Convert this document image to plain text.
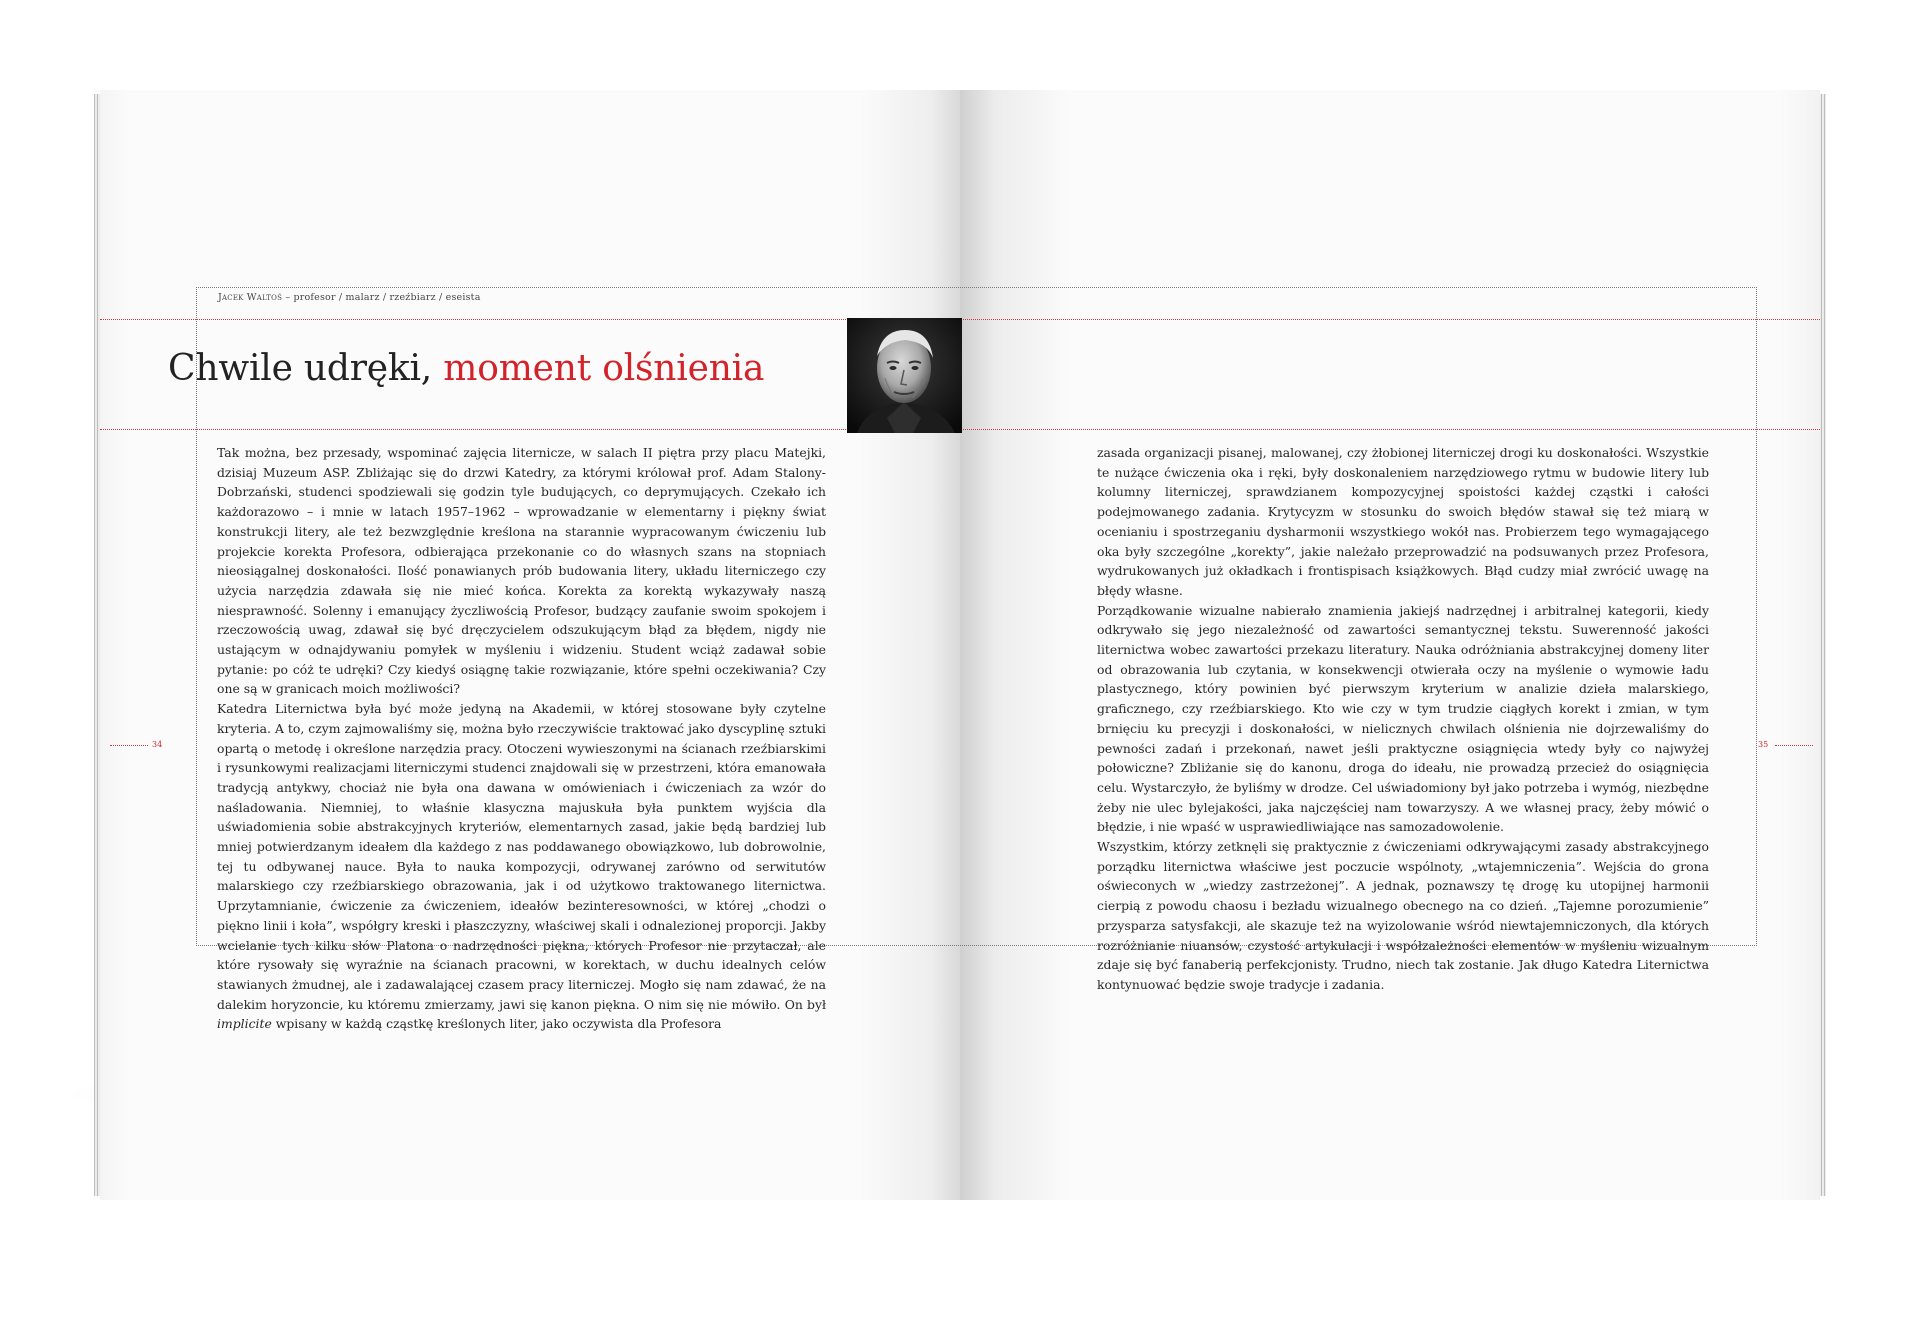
34	35
Jacek Waltoś – profesor / malarz / rzeźbiarz / eseista
Chwile udręki, moment olśnienia

Tak można, bez przesady, wspominać zajęcia liternicze, w salach II piętra przy placu Matejki, dzisiaj Muzeum ASP. Zbliżając się do drzwi Katedry, za którymi królował prof. Adam Stalony-Dobrzański, studenci spodziewali się godzin tyle budujących, co deprymujących. Czekało ich każdorazowo – i mnie w latach 1957–1962 – wprowadzanie w elementarny i piękny świat konstrukcji litery, ale też bezwzględnie kreślona na starannie wypracowanym ćwiczeniu lub projekcie korekta Profesora, odbierająca przekonanie co do własnych szans na stopniach nieosiągalnej doskonałości. Ilość ponawianych prób budowania litery, układu literniczego czy użycia narzędzia zdawała się nie mieć końca. Korekta za korektą wykazywały naszą niesprawność. Solenny i emanujący życzliwością Profesor, budzący zaufanie swoim spokojem i rzeczowością uwag, zdawał się być dręczycielem odszukującym błąd za błędem, nigdy nie ustającym w odnajdywaniu pomyłek w myśleniu i widzeniu. Student wciąż zadawał sobie pytanie: po cóż te udręki? Czy kiedyś osiągnę takie rozwiązanie, które spełni oczekiwania? Czy one są w granicach moich możliwości?

Katedra Liternictwa była być może jedyną na Akademii, w której stosowane były czytelne kryteria. A to, czym zajmowaliśmy się, można było rzeczywiście traktować jako dyscyplinę sztuki opartą o metodę i określone narzędzia pracy. Otoczeni wywieszonymi na ścianach rzeźbiarskimi i rysunkowymi realizacjami literniczymi studenci znajdowali się w przestrzeni, która emanowała tradycją antykwy, chociaż nie była ona dawana w omówieniach i ćwiczeniach za wzór do naśladowania. Niemniej, to właśnie klasyczna majuskuła była punktem wyjścia dla uświadomienia sobie abstrakcyjnych kryteriów, elementarnych zasad, jakie będą bardziej lub mniej potwierdzanym ideałem dla każdego z nas poddawanego obowiązkowo, lub dobrowolnie, tej tu odbywanej nauce. Była to nauka kompozycji, odrywanej zarówno od serwitutów malarskiego czy rzeźbiarskiego obrazowania, jak i od użytkowo traktowanego liternictwa. Uprzytamnianie, ćwiczenie za ćwiczeniem, ideałów bezinteresowności, w której „chodzi o piękno linii i koła”, współgry kreski i płaszczyzny, właściwej skali i odnalezionej proporcji. Jakby wcielanie tych kilku słów Platona o nadrzędności piękna, których Profesor nie przytaczał, ale które rysowały się wyraźnie na ścianach pracowni, w korektach, w duchu idealnych celów stawianych żmudnej, ale i zadawalającej czasem pracy literniczej. Mogło się nam zdawać, że na dalekim horyzoncie, ku któremu zmierzamy, jawi się kanon piękna. O nim się nie mówiło. On był implicite wpisany w każdą cząstkę kreślonych liter, jako oczywista dla Profesora

zasada organizacji pisanej, malowanej, czy żłobionej literniczej drogi ku doskonałości. Wszystkie te nużące ćwiczenia oka i ręki, były doskonaleniem narzędziowego rytmu w budowie litery lub kolumny literniczej, sprawdzianem kompozycyjnej spoistości każdej cząstki i całości podejmowanego zadania. Krytycyzm w stosunku do swoich błędów stawał się też miarą w ocenianiu i spostrzeganiu dysharmonii wszystkiego wokół nas. Probierzem tego wymagającego oka były szczególne „korekty”, jakie należało przeprowadzić na podsuwanych przez Profesora, wydrukowanych już okładkach i frontispisach książkowych. Błąd cudzy miał zwrócić uwagę na błędy własne.

Porządkowanie wizualne nabierało znamienia jakiejś nadrzędnej i arbitralnej kategorii, kiedy odkrywało się jego niezależność od zawartości semantycznej tekstu. Suwerenność jakości liternictwa wobec zawartości przekazu literatury. Nauka odróżniania abstrakcyjnej domeny liter od obrazowania lub czytania, w konsekwencji otwierała oczy na myślenie o wymowie ładu plastycznego, który powinien być pierwszym kryterium w analizie dzieła malarskiego, graficznego, czy rzeźbiarskiego. Kto wie czy w tym trudzie ciągłych korekt i zmian, w tym brnięciu ku precyzji i doskonałości, w nielicznych chwilach olśnienia nie dojrzewaliśmy do pewności zadań i przekonań, nawet jeśli praktyczne osiągnięcia wtedy były co najwyżej połowiczne? Zbliżanie się do kanonu, droga do ideału, nie prowadzą przecież do osiągnięcia celu. Wystarczyło, że byliśmy w drodze. Cel uświadomiony był jako potrzeba i wymóg, niezbędne żeby nie ulec bylejakości, jaka najczęściej nam towarzyszy. A we własnej pracy, żeby mówić o błędzie, i nie wpaść w usprawiedliwiające nas samozadowolenie.

Wszystkim, którzy zetknęli się praktycznie z ćwiczeniami odkrywającymi zasady abstrakcyjnego porządku liternictwa właściwe jest poczucie wspólnoty, „wtajemniczenia”. Wejścia do grona oświeconych w „wiedzy zastrzeżonej”. A jednak, poznawszy tę drogę ku utopijnej harmonii cierpią z powodu chaosu i bezładu wizualnego obecnego na co dzień. „Tajemne porozumienie” przysparza satysfakcji, ale skazuje też na wyizolowanie wśród niewtajemniczonych, dla których rozróżnianie niuansów, czystość artykulacji i współzależności elementów w myśleniu wizualnym zdaje się być fanaberią perfekcjonisty. Trudno, niech tak zostanie. Jak długo Katedra Liternictwa kontynuować będzie swoje tradycje i zadania.
